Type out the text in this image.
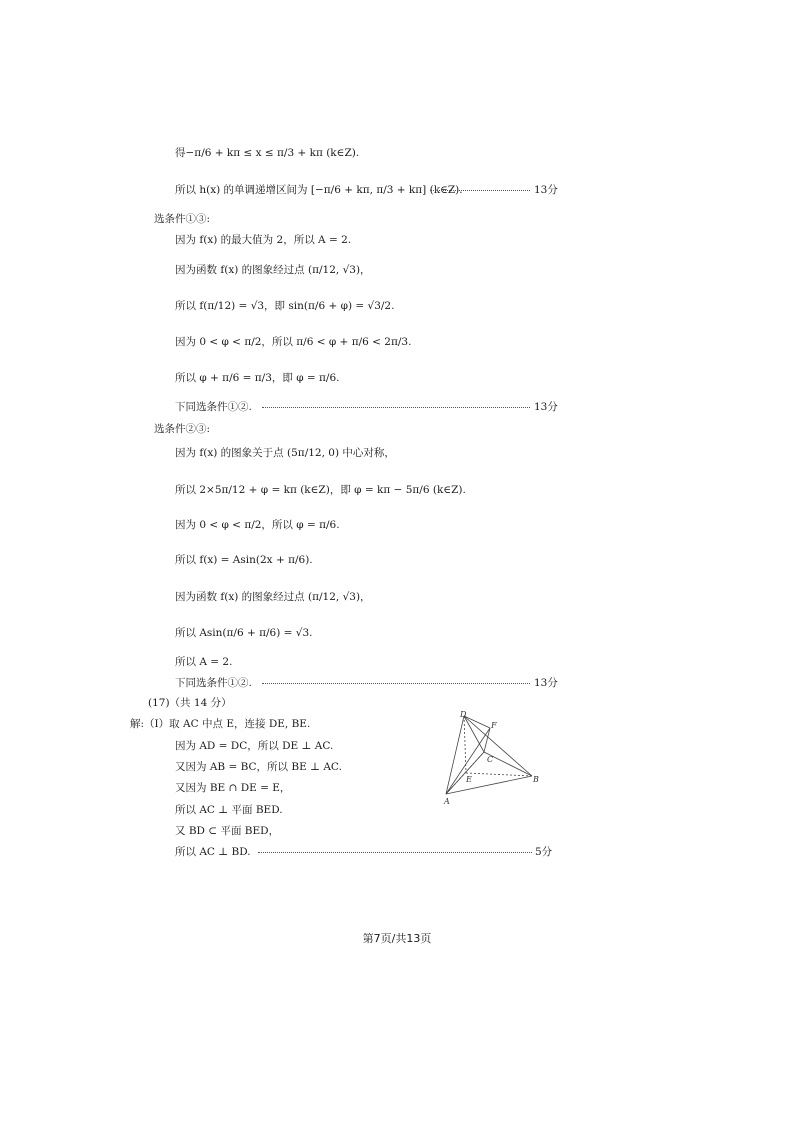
得−π/6 + kπ ≤ x ≤ π/3 + kπ (k∈Z).
所以 h(x) 的单调递增区间为 [−π/6 + kπ, π/3 + kπ] (k∈Z).	13分
选条件①③:
因为 f(x) 的最大值为 2，所以 A = 2.
因为函数 f(x) 的图象经过点 (π/12, √3)，
所以 f(π/12) = √3，即 sin(π/6 + φ) = √3/2.
因为 0 < φ < π/2，所以 π/6 < φ + π/6 < 2π/3.
所以 φ + π/6 = π/3，即 φ = π/6.
下同选条件①②.	13分
选条件②③:
因为 f(x) 的图象关于点 (5π/12, 0) 中心对称，
所以 2×5π/12 + φ = kπ (k∈Z)，即 φ = kπ − 5π/6 (k∈Z).
因为 0 < φ < π/2，所以 φ = π/6.
所以 f(x) = Asin(2x + π/6).
因为函数 f(x) 的图象经过点 (π/12, √3)，
所以 Asin(π/6 + π/6) = √3.
所以 A = 2.
下同选条件①②.	13分
(17)（共 14 分）
解:（Ⅰ）取 AC 中点 E，连接 DE, BE.
因为 AD = DC，所以 DE ⊥ AC.
又因为 AB = BC，所以 BE ⊥ AC.
又因为 BE ∩ DE = E，
所以 AC ⊥ 平面 BED.
又 BD ⊂ 平面 BED，
所以 AC ⊥ BD.	5分
D
F
C
E	B
A
第7页/共13页
